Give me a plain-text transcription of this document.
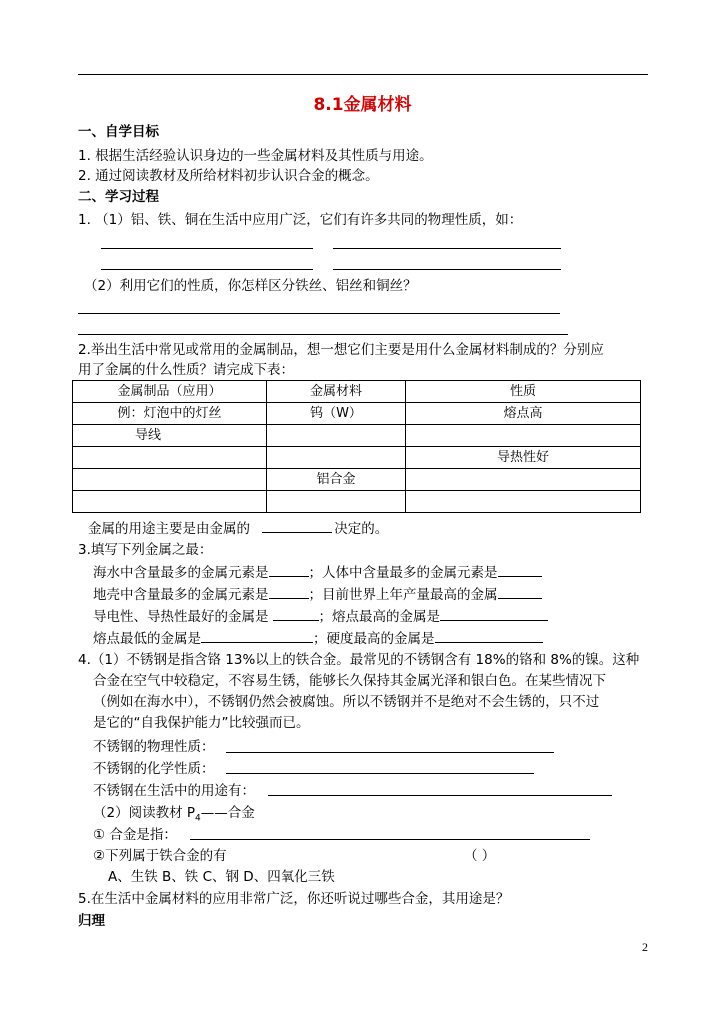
8.1金属材料
一、自学目标
1. 根据生活经验认识身边的一些金属材料及其性质与用途。
2. 通过阅读教材及所给材料初步认识合金的概念。
二、学习过程
1. （1）铝、铁、铜在生活中应用广泛，它们有许多共同的物理性质，如：
（2）利用它们的性质，你怎样区分铁丝、铝丝和铜丝？
2.举出生活中常见或常用的金属制品，想一想它们主要是用什么金属材料制成的？分别应
用了金属的什么性质？请完成下表：
金属制品（应用）	金属材料	性质
例：灯泡中的灯丝	钨（W）	熔点高
导线		
		导热性好
	铝合金	

金属的用途主要是由金属的	决定的。
3.填写下列金属之最：
海水中含量最多的金属元素是	；人体中含量最多的金属元素是
地壳中含量最多的金属元素是	；目前世界上年产量最高的金属
导电性、导热性最好的金属是	；熔点最高的金属是
熔点最低的金属是	；硬度最高的金属是
4.（1）不锈钢是指含铬 13%以上的铁合金。最常见的不锈钢含有 18%的铬和 8%的镍。这种
合金在空气中较稳定，不容易生锈，能够长久保持其金属光泽和银白色。在某些情况下
（例如在海水中），不锈钢仍然会被腐蚀。所以不锈钢并不是绝对不会生锈的，只不过
是它的“自我保护能力”比较强而已。
不锈钢的物理性质：
不锈钢的化学性质：
不锈钢在生活中的用途有：
（2）阅读教材 $P_4——$合金
① 合金是指：
②下列属于铁合金的有	（ ）
A、生铁 B、铁 C、钢 D、四氧化三铁
5.在生活中金属材料的应用非常广泛，你还听说过哪些合金，其用途是？
归理
2
